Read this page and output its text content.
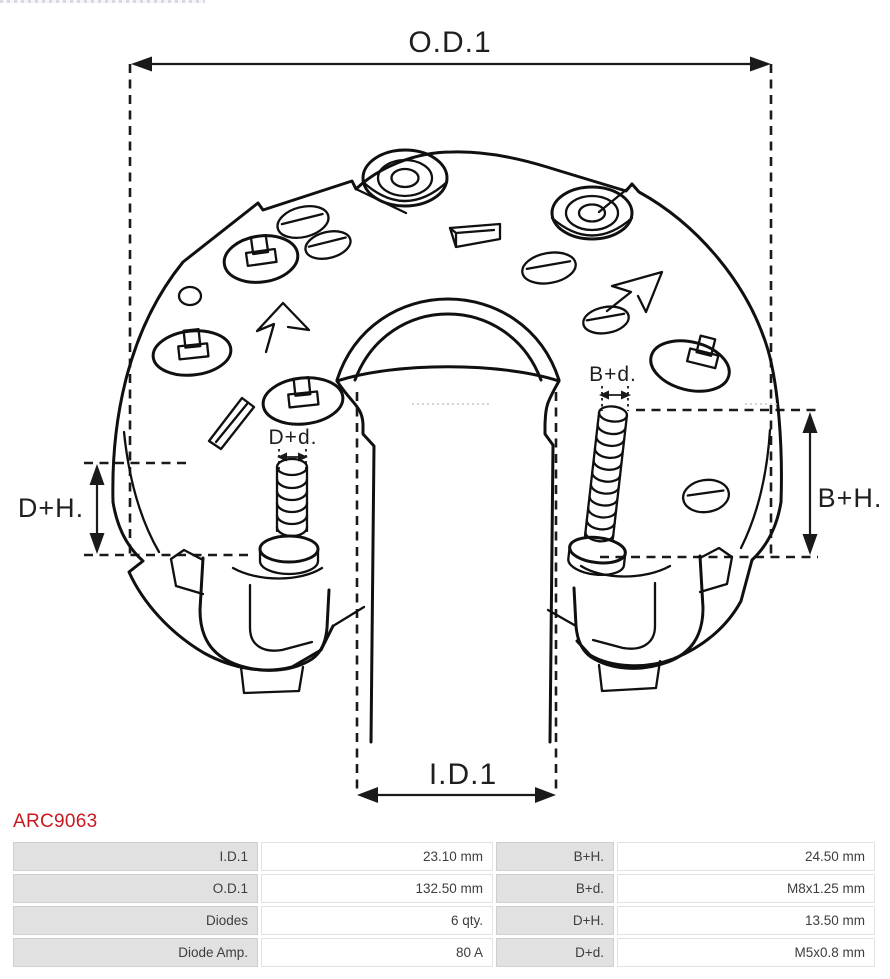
O.D.1
D+H.	B+H.
B+d.
D+d.
I.D.1
ARC9063
I.D.1	23.10 mm	B+H.	24.50 mm
O.D.1	132.50 mm	B+d.	M8x1.25 mm
Diodes	6 qty.	D+H.	13.50 mm
Diode Amp.	80 A	D+d.	M5x0.8 mm
